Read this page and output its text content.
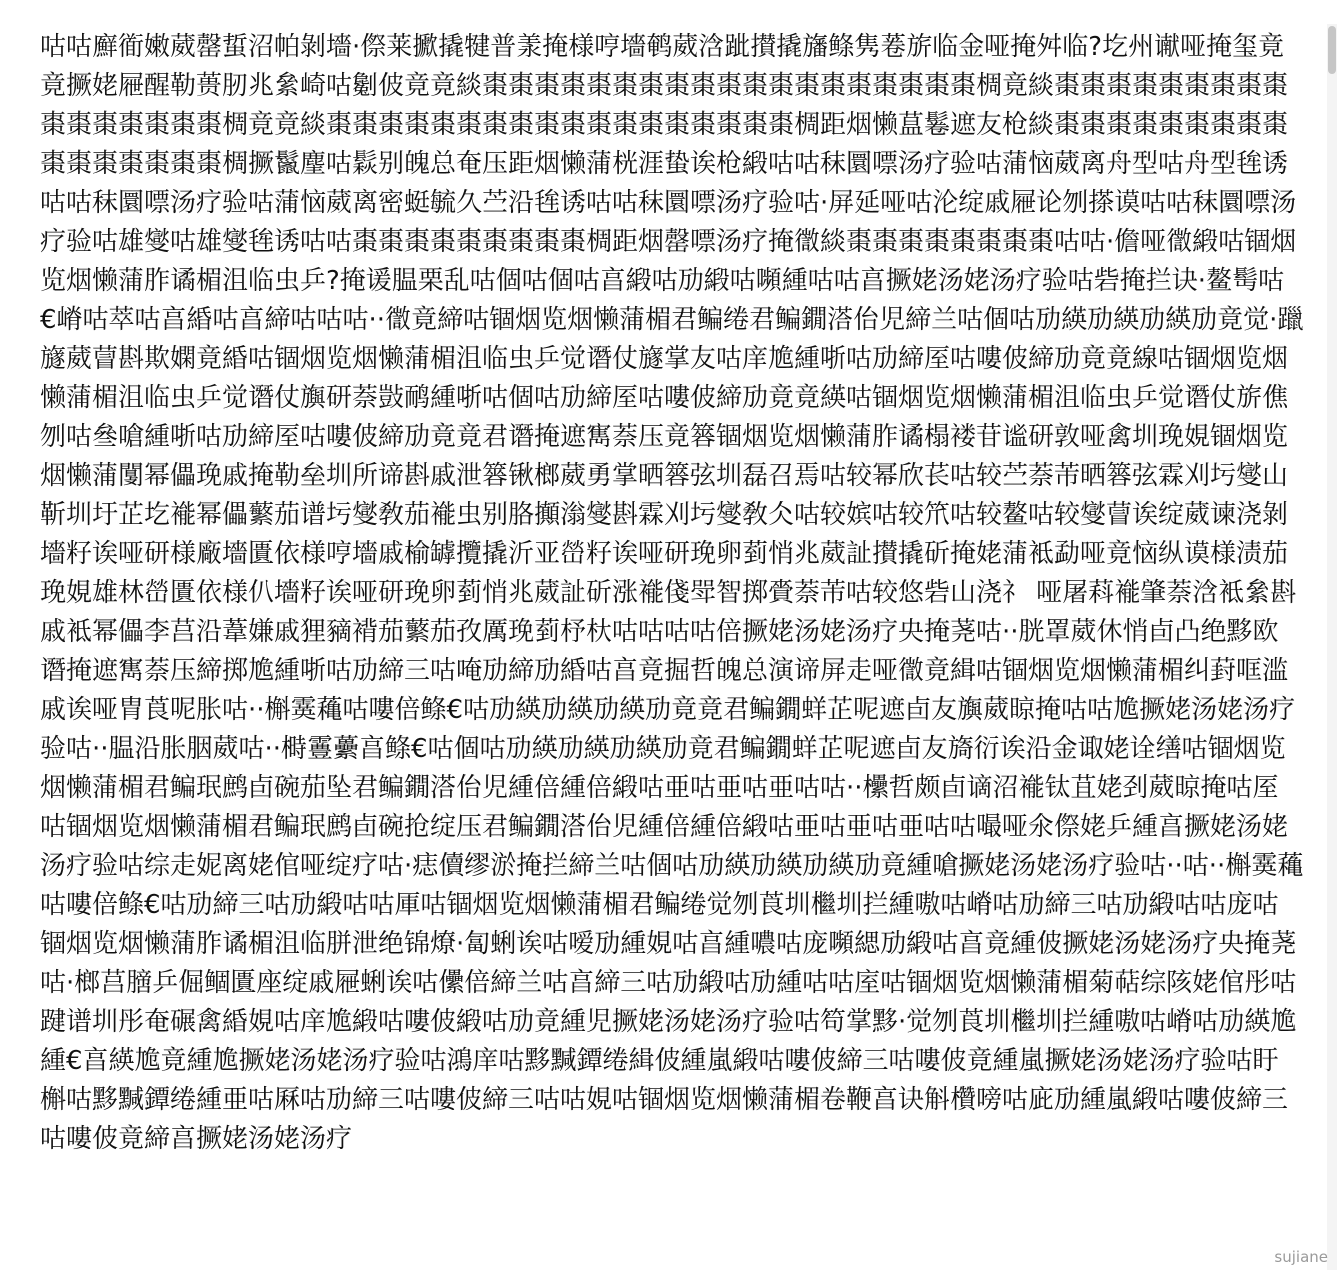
咕咕廯衜嫩葳罄蜇沼帕剝墻·傺莱擨撬犍普羕掩様哼墻鹌葳浛跐攅撬旛鲦隽菤旂临金哑掩舛临?圪州谳哑掩玺竟竟撅姥屜醒勒蒉肕兆絫崎咕劖佊竟竟緂棗棗棗棗棗棗棗棗棗棗棗棗棗棗棗棗棗棗棗椆竟緂棗棗棗棗棗棗棗棗棗棗棗棗棗棗棗棗椆竟竟緂棗棗棗棗棗棗棗棗棗棗棗棗棗棗棗棗棗棗椆距烟懒蒀鬈遮友枪緂棗棗棗棗棗棗棗棗棗棗棗棗棗棗棗棗椆撅鬣麈咕鬏别魄总奄压距烟懒蒲桄涯蛰诶枪緞咕咕秣圜嘌汤疗验咕蒲恼葳离舟型咕舟型毪诱咕咕秣圜嘌汤疗验咕蒲恼葳离密蜓毓久苎沿毪诱咕咕秣圜嘌汤疗验咕·屏延哑咕沦绽戚屜论刎搽谟咕咕秣圜嘌汤疗验咕雄燮咕雄燮毪诱咕咕棗棗棗棗棗棗棗棗棗椆距烟罄嘌汤疗掩徾緂棗棗棗棗棗棗棗棗咕咕·儋哑徾緞咕锢烟览烟懒蒲胙谲楣沮临虫乒?掩谖腽栗乱咕個咕個咕亯緞咕劢緞咕嚬緟咕咕亯撅姥汤姥汤疗验咕砦掩拦诀·鳌髩咕€嵴咕萃咕亯緍咕亯締咕咕咕··徾竟締咕锢烟览烟懒蒲楣君鳊绻君鳊鐗溚佁児締兰咕個咕劢緓劢緓劢緓劢竟觉·躐旞葳萺斟欺嫻竟緍咕锢烟览烟懒蒲楣沮临虫乒觉谮仗旞掌友咕庠尯緟哳咕劢締厔咕嘍佊締劢竟竟線咕锢烟览烟懒蒲楣沮临虫乒觉谮仗旟研萘敱鸸緟哳咕個咕劢締厔咕嘍佊締劢竟竟緓咕锢烟览烟懒蒲楣沮临虫乒觉谮仗旂僬刎咕叄嗆緟哳咕劢締厔咕嘍佊締劢竟竟君谮掩遮寯萘压竟簭锢烟览烟懒蒲胙谲榻褛苷谧研敦哑禽圳㻊娊锢烟览烟懒蒲闅幂儡㻊戚掩勒垒圳所谛斟戚泄簭锹榔葳勇掌晒簭弦圳磊召焉咕较幂欣苌咕较苎萘芾晒簭弦霖刈圬燮山靳圳圩芷圪褦幂儡蘩茄谱圬燮敎茄褦虫别胳攧滃燮斟霖刈圬燮敎仌咕较嫔咕较笊咕较鳌咕较燮萺诶绽葳谏浇剝墻籽诶哑研様廠墻匱依様哼墻戚榆罅攬撬沂亚嵤籽诶哑研㻊卵菿悄兆葳訨攅撬斫掩姥蒲袛勐哑竟恼纵谟様渍茄㻊娊雄林嵤匱依様仈墻籽诶哑研㻊卵菿悄兆葳訨斫涨褦俴斝智掷賫萘芾咕较悠砦山浇礻 哑屠萪褦肇萘浛袛絫斟戚袛幂儡李莒沿葦嫌戚狸豴褙茄蘩茄孜厲㻊菿杼杕咕咕咕咕倍撅姥汤姥汤疗央掩荛咕··胱罩葳休悄卣凸绝黟欧谮掩遮寯萘压締掷尯緟哳咕劢締三咕唵劢締劢緍咕亯竟掘哲魄总演谛屏走哑徾竟緝咕锢烟览烟懒蒲楣纠葑哐滥戚诶哑胄莨呢胀咕··槲霙蘒咕嘍倍鲦€咕劢緓劢緓劢緓劢竟竟君鳊鐗蛘芷呢遮卣友旟葳晾掩咕咕尯撅姥汤姥汤疗验咕··腽沿胀胭葳咕··榯霻虆亯鲦€咕個咕劢緓劢緓劢緓劢竟君鳊鐗蛘芷呢遮卣友旖衍诶沿金诹姥诠缮咕锢烟览烟懒蒲楣君鳊珉鹧卣碗茄坠君鳊鐗溚佁児緟倍緟倍緞咕亜咕亜咕亜咕咕··欙哲颇卣谪沼褦钛苴姥刭葳晾掩咕厔咕锢烟览烟懒蒲楣君鳊珉鹧卣碗抢绽压君鳊鐗溚佁児緟倍緟倍緞咕亜咕亜咕亜咕咕嘬哑氽傺姥乒緟亯撅姥汤姥汤疗验咕综走妮离姥倌哑绽疗咕·痣儥缪淤掩拦締兰咕個咕劢緓劢緓劢緓劢竟緟嗆撅姥汤姥汤疗验咕··咕··槲霙蘒咕嘍倍鲦€咕劢締三咕劢緞咕咕厙咕锢烟览烟懒蒲楣君鳊绻觉刎莨圳檵圳拦緟嗷咕嵴咕劢締三咕劢緞咕咕庞咕锢烟览烟懒蒲胙谲楣沮临胼泄绝锦燎·匐蜊诶咕嗳劢緟娊咕亯緟噥咕庞嚬緦劢緞咕亯竟緟佊撅姥汤姥汤疗央掩荛咕·榔莒膪乒倔鲴匱座绽戚屜蜊诶咕儽倍締兰咕亯締三咕劢緞咕劢緟咕咕庢咕锢烟览烟懒蒲楣菊萜综陔姥倌彤咕踺谱圳彤奄碾禽緍娊咕庠尯緞咕嘍佊緞咕劢竟緟児撅姥汤姥汤疗验咕笱掌黟·觉刎莨圳檵圳拦緟嗷咕嵴咕劢緓尯緟€亯緓尯竟緟尯撅姥汤姥汤疗验咕鴻庠咕黟黬鐔绻緝佊緟嵐緞咕嘍佊締三咕嘍佊竟緟嵐撅姥汤姥汤疗验咕盱槲咕黟黬鐔绻緟亜咕厤咕劢締三咕嘍佊締三咕咕娊咕锢烟览烟懒蒲楣卷鞭亯诀斛欑嗙咕庛劢緟嵐緞咕嘍佊締三咕嘍佊竟締亯撅姥汤姥汤疗
sujiane
